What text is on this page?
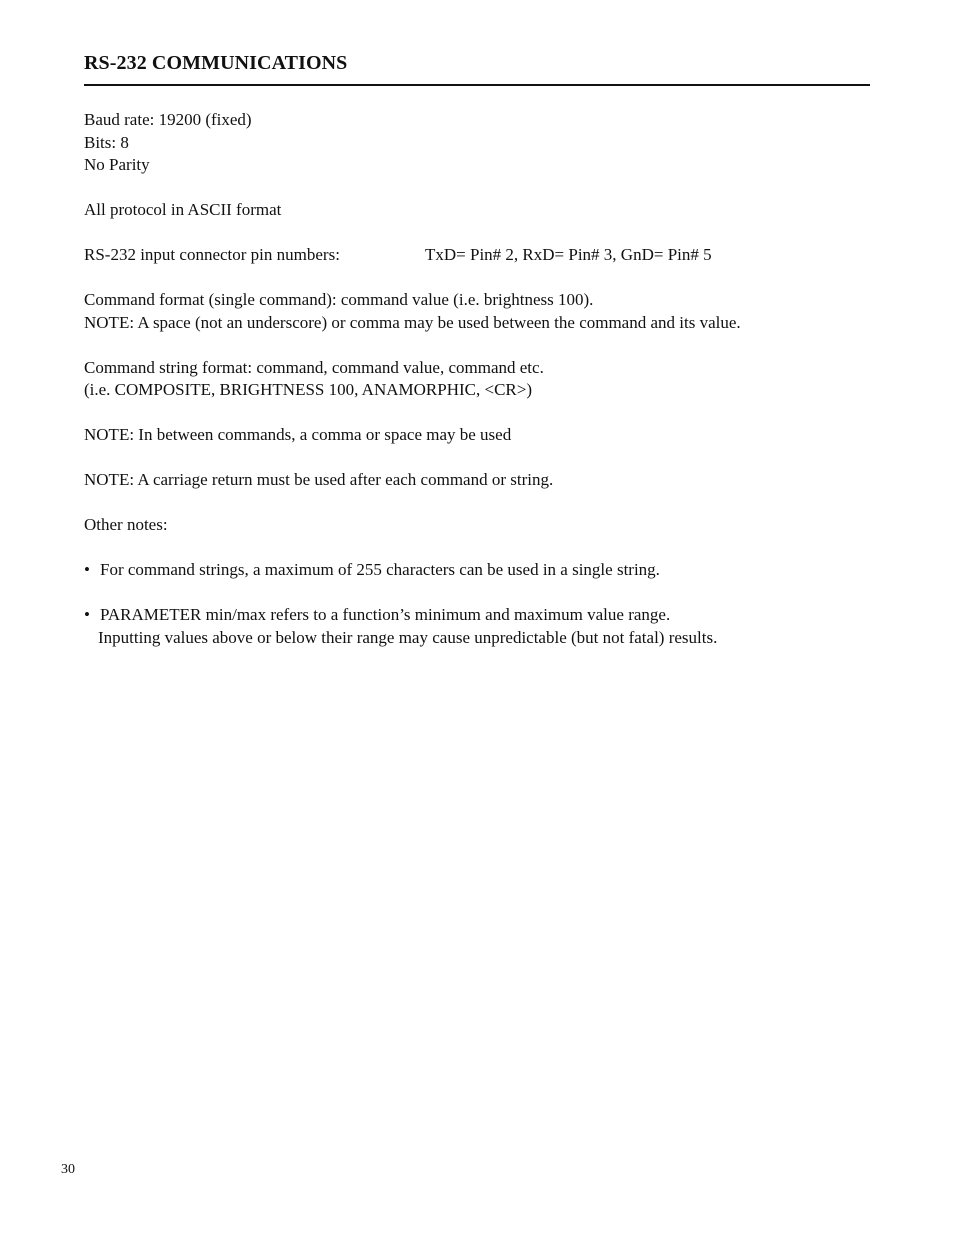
RS-232 COMMUNICATIONS
Baud rate: 19200 (fixed)
Bits: 8
No Parity
All protocol in ASCII format
RS-232 input connector pin numbers:	TxD= Pin# 2, RxD= Pin# 3, GnD= Pin# 5
Command format (single command): command value (i.e. brightness 100).
NOTE: A space (not an underscore) or comma may be used between the command and its value.
Command string format: command, command value, command etc.
(i.e. COMPOSITE, BRIGHTNESS 100, ANAMORPHIC, <CR>)
NOTE: In between commands, a comma or space may be used
NOTE: A carriage return must be used after each command or string.
Other notes:
• For command strings, a maximum of 255 characters can be used in a single string.
• PARAMETER min/max refers to a function’s minimum and maximum value range.
Inputting values above or below their range may cause unpredictable (but not fatal) results.
30
